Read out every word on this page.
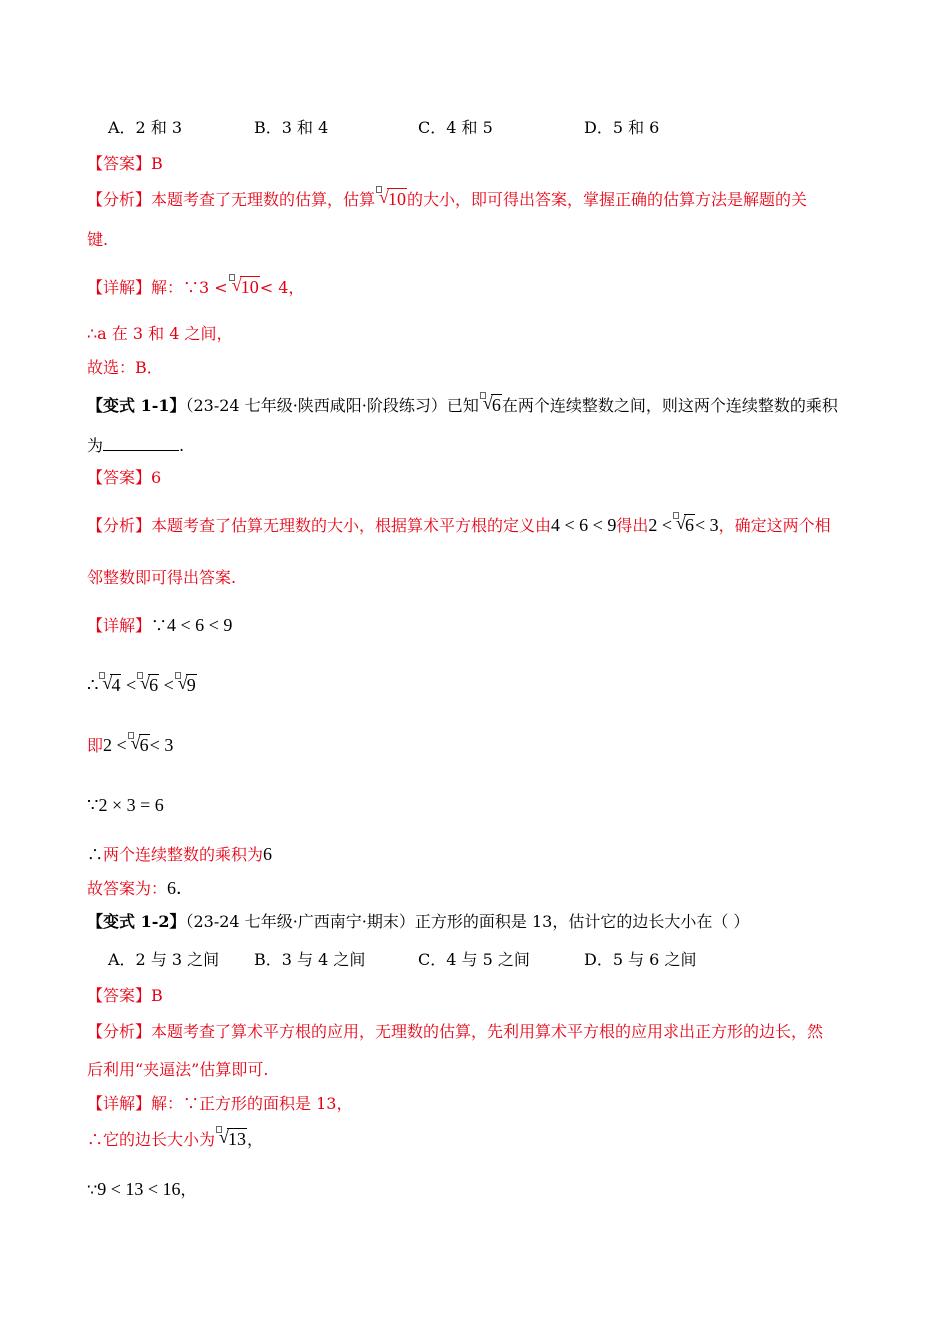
A．2 和 3	B．3 和 4	C．4 和 5	D．5 和 6
【答案】B
【分析】本题考查了无理数的估算，估算 √ 10的大小，即可得出答案，掌握正确的估算方法是解题的关
键.
【详解】解：∵3 < √ 10< 4，
∴a 在 3 和 4 之间，
故选：B．
【变式 1-1】（23-24 七年级·陕西咸阳·阶段练习）已知 √ 6在两个连续整数之间，则这两个连续整数的乘积
为	.
【答案】6
【分析】本题考查了估算无理数的大小，根据算术平方根的定义由4 < 6 < 9得出2 < √ 6< 3，确定这两个相
邻整数即可得出答案.
【详解】∵4 < 6 < 9
∴ √ 4 < √ 6 < √ 9
即2 < √ 6< 3
∵2 × 3 = 6
∴两个连续整数的乘积为6
故答案为：6．
【变式 1-2】（23-24 七年级·广西南宁·期末）正方形的面积是 13，估计它的边长大小在（ ）
A．2 与 3 之间 B．3 与 4 之间	C．4 与 5 之间	D．5 与 6 之间
【答案】B
【分析】本题考查了算术平方根的应用，无理数的估算，先利用算术平方根的应用求出正方形的边长，然
后利用“夹逼法”估算即可.
【详解】解：∵正方形的面积是 13，
∴它的边长大小为 √ 13，
∵9 < 13 < 16，
